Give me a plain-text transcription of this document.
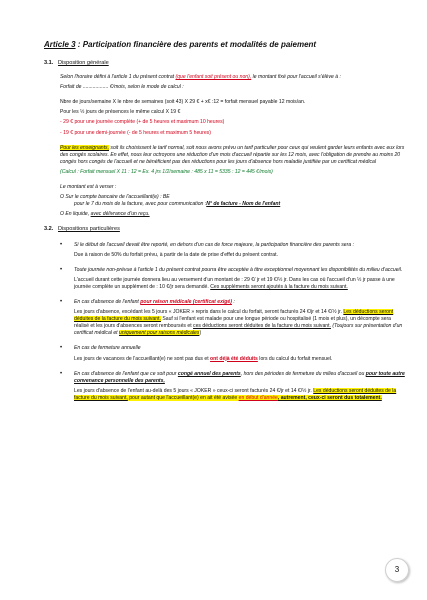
Article 3 : Participation financière des parents et modalités de paiement
3.1. Disposition générale

Selon l'horaire défini à l'article 1 du présent contrat (que l'enfant soit présent ou non), le montant fixé pour l'accueil s'élève à :

Forfait de .................. €/mois, selon le mode de calcul :

Nbre de jours/semaine X le nbre de semaines (soit 43) X 29 € + x€ :12 = forfait mensuel payable 12 mois/an.

Pour les ½ jours de présences le même calcul X 19 €

- 29 € pour une journée complète (+ de 5 heures et maximum 10 heures)

- 19 € pour une demi-journée (- de 5 heures et maximum 5 heures)

Pour les enseignants, soit ils choisissent le tarif normal, soit nous avons prévu un tarif particulier pour ceux qui veulent garder leurs enfants avec eux lors des congés scolaires. En effet, nous leur octroyons une réduction d'un mois d'accueil répartie sur les 12 mois, avec l'obligation de prendre au moins 20 congés hors congés de l'accueil et ne bénéficient pas des réductions pour les jours d'absence hors maladie justifiée par un certificat médical

(Calcul : Forfait mensuel X 11 : 12 = Ex. 4 jrs 1/2/semaine : 485 x 11 = 5335 : 12 = 445 €/mois)

Le montant est à verser :

O Sur le compte bancaire de l'accueillant(e) : BE
pour le 7 du mois de la facture, avec pour communication :N° de facture - Nom de l'enfant

O En liquide, avec délivrance d'un reçu.

3.2. Dispositions particulières
• Si le début de l'accueil devait être reporté, en dehors d'un cas de force majeure, la participation financière des parents sera :

Due à raison de 50% du forfait prévu, à partir de la date de prise d'effet du présent contrat.

• Toute journée non-prévue à l'article 1 du présent contrat pourra être acceptée à titre exceptionnel moyennant les disponibilités du milieu d'accueil.

L'accueil durant cette journée donnera lieu au versement d'un montant de : 29 €/ jr et 19 €/½ jr. Dans les cas où l'accueil d'un ½ jr passe à une journée complète un supplément de : 10 €/jr sera demandé. Ces suppléments seront ajoutés à la facture du mois suivant.

• En cas d'absence de l'enfant pour raison médicale (certificat exigé) :

Les jours d'absence, excédant les 5 jours « JOKER » repris dans le calcul du forfait, seront facturés 24 €/jr et 14 €/½ jr. Les déductions seront déduites de la facture du mois suivant. Sauf si l'enfant est malade pour une longue période ou hospitalisé (1 mois et plus), un décompte sera réalisé et les jours d'absences seront remboursés et ces déductions seront déduites de la facture du mois suivant. (Toujours sur présentation d'un certificat médical et uniquement pour raisons médicales)

• En cas de fermeture annuelle

Les jours de vacances de l'accueillant(e) ne sont pas dus et ont déjà été déduits lors du calcul du forfait mensuel.

• En cas d'absence de l'enfant que ce soit pour congé annuel des parents, hors des périodes de fermeture du milieu d'accueil ou pour toute autre convenance personnelle des parents,

Les jours d'absence de l'enfant au-delà des 5 jours « JOKER » ceux-ci seront facturés 24 €/jr et 14 €/½ jr. Les déductions seront déduites de la facture du mois suivant, pour autant que l'accueillant(e) en ait été avisée en début d'année, autrement, ceux-ci seront dus totalement.

3
